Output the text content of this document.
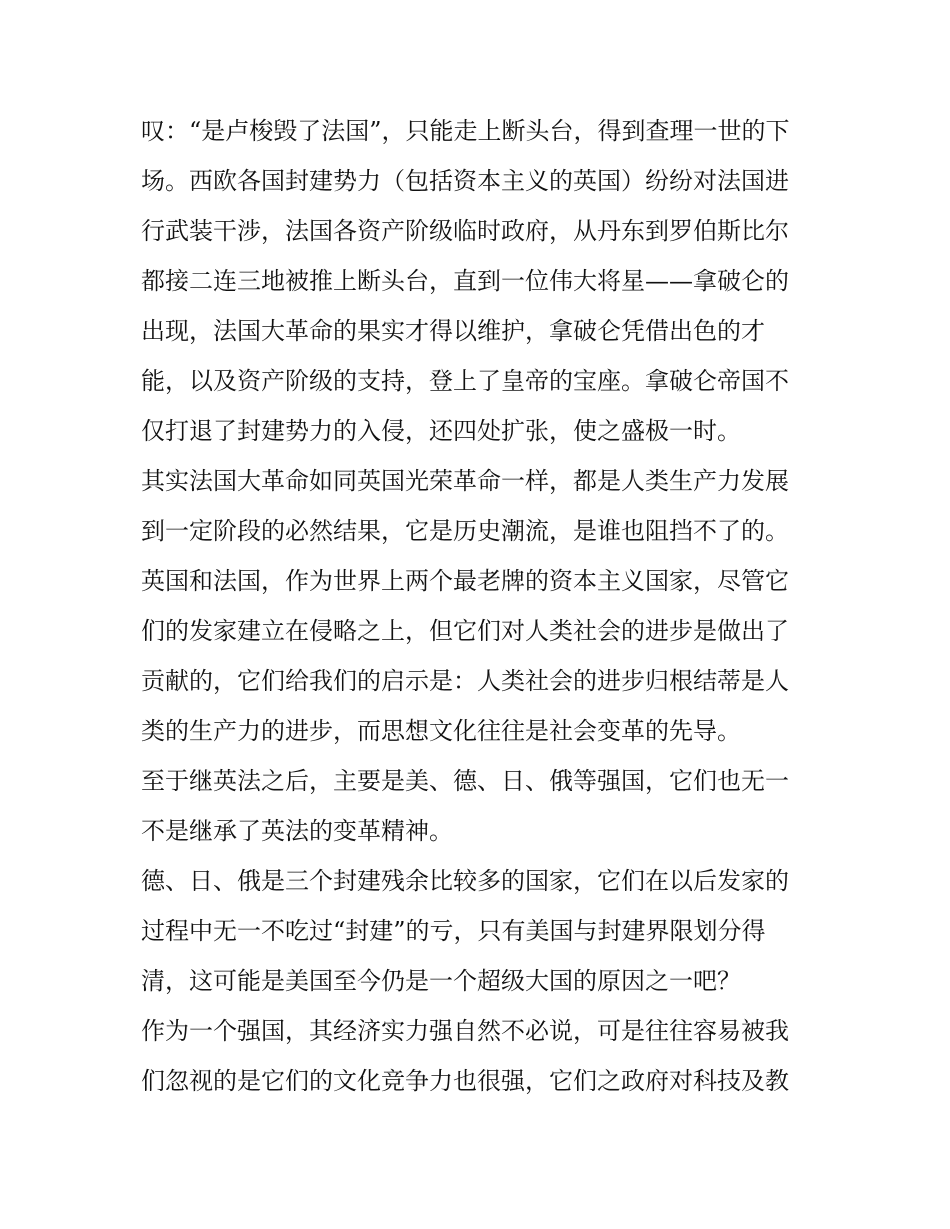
叹：“是卢梭毁了法国”，只能走上断头台，得到查理一世的下
场。西欧各国封建势力（包括资本主义的英国）纷纷对法国进
行武装干涉，法国各资产阶级临时政府，从丹东到罗伯斯比尔
都接二连三地被推上断头台，直到一位伟大将星——拿破仑的
出现，法国大革命的果实才得以维护，拿破仑凭借出色的才
能，以及资产阶级的支持，登上了皇帝的宝座。拿破仑帝国不
仅打退了封建势力的入侵，还四处扩张，使之盛极一时。
其实法国大革命如同英国光荣革命一样，都是人类生产力发展
到一定阶段的必然结果，它是历史潮流，是谁也阻挡不了的。
英国和法国，作为世界上两个最老牌的资本主义国家，尽管它
们的发家建立在侵略之上，但它们对人类社会的进步是做出了
贡献的，它们给我们的启示是：人类社会的进步归根结蒂是人
类的生产力的进步，而思想文化往往是社会变革的先导。
至于继英法之后，主要是美、德、日、俄等强国，它们也无一
不是继承了英法的变革精神。
德、日、俄是三个封建残余比较多的国家，它们在以后发家的
过程中无一不吃过“封建”的亏，只有美国与封建界限划分得
清，这可能是美国至今仍是一个超级大国的原因之一吧？
作为一个强国，其经济实力强自然不必说，可是往往容易被我
们忽视的是它们的文化竞争力也很强，它们之政府对科技及教
